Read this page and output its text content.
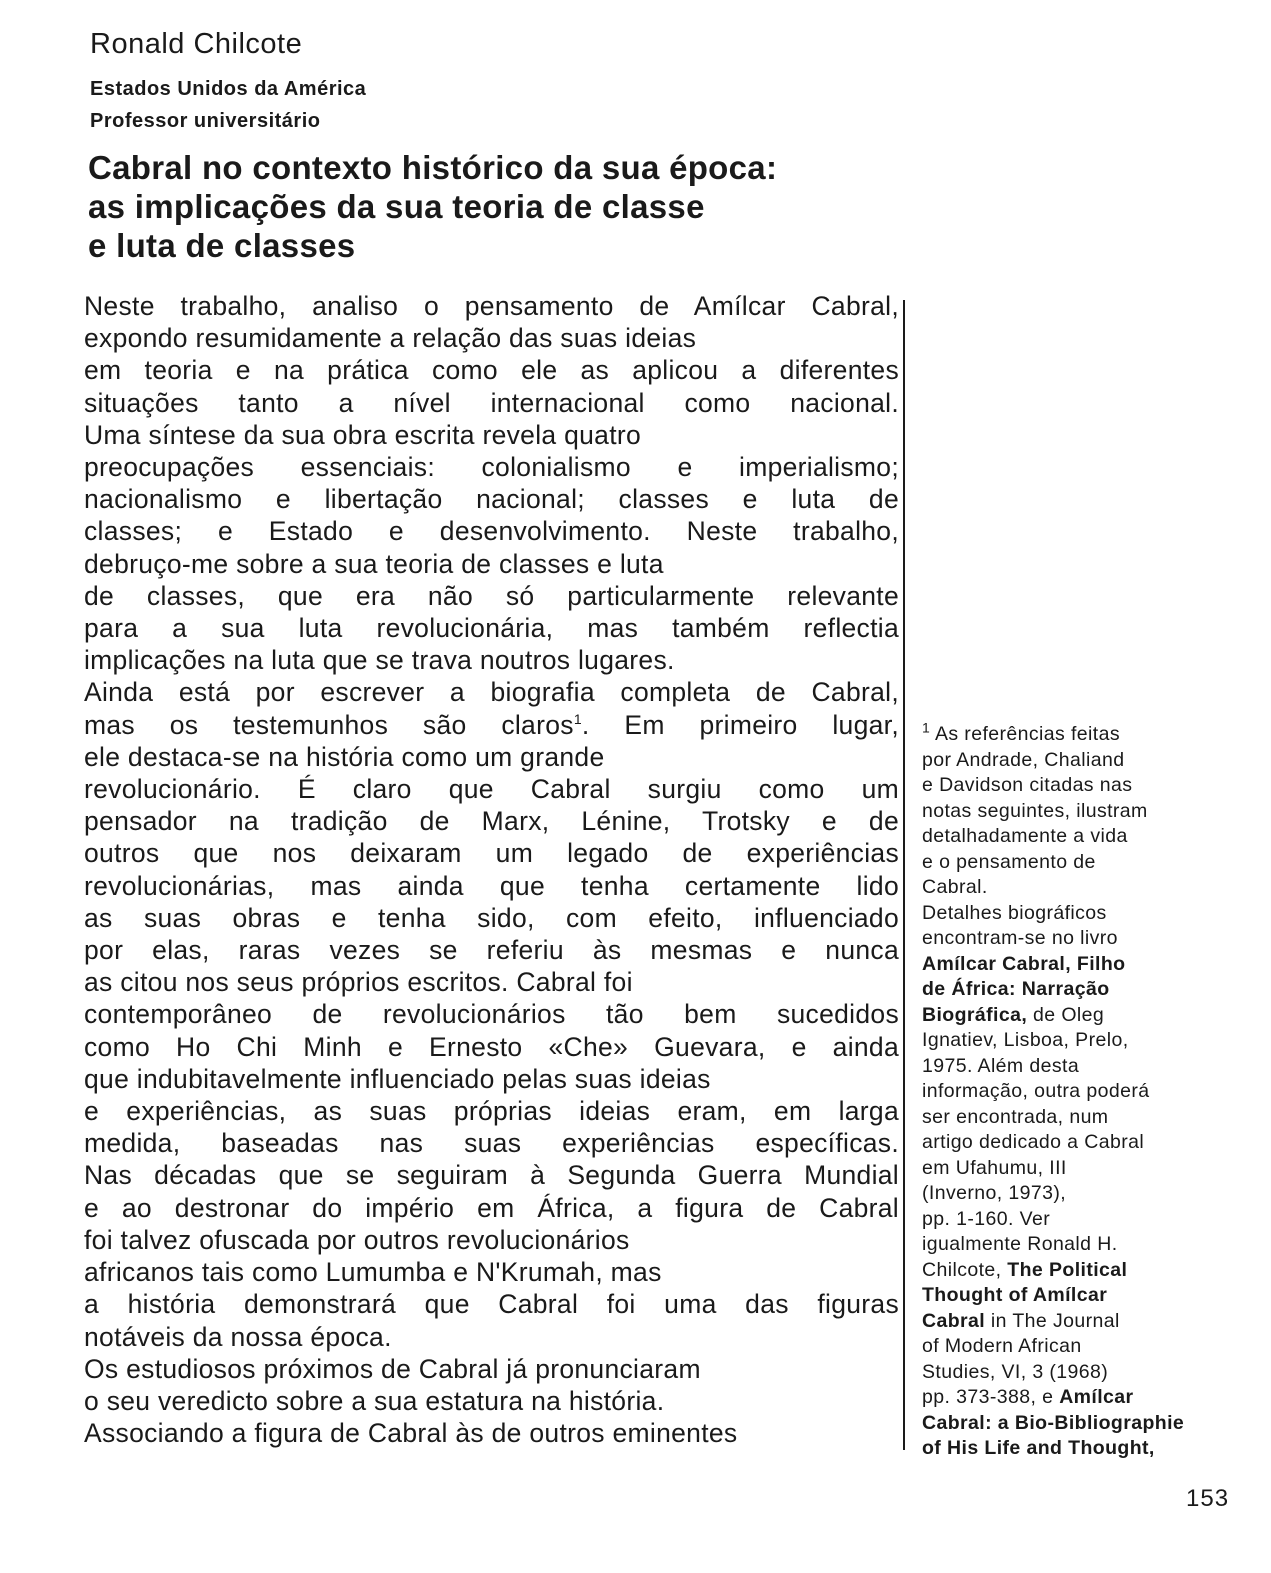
Ronald Chilcote
Estados Unidos da América
Professor universitário
Cabral no contexto histórico da sua época:
as implicações da sua teoria de classe
e luta de classes
Neste trabalho, analiso o pensamento de Amílcar Cabral,
expondo resumidamente a relação das suas ideias
em teoria e na prática como ele as aplicou a diferentes
situações tanto a nível internacional como nacional.
Uma síntese da sua obra escrita revela quatro
preocupações essenciais: colonialismo e imperialismo;
nacionalismo e libertação nacional; classes e luta de
classes; e Estado e desenvolvimento. Neste trabalho,
debruço-me sobre a sua teoria de classes e luta
de classes, que era não só particularmente relevante
para a sua luta revolucionária, mas também reflectia
implicações na luta que se trava noutros lugares.
Ainda está por escrever a biografia completa de Cabral,
mas os testemunhos são claros$^1$. Em primeiro lugar,
ele destaca-se na história como um grande
revolucionário. É claro que Cabral surgiu como um
pensador na tradição de Marx, Lénine, Trotsky e de
outros que nos deixaram um legado de experiências
revolucionárias, mas ainda que tenha certamente lido
as suas obras e tenha sido, com efeito, influenciado
por elas, raras vezes se referiu às mesmas e nunca
as citou nos seus próprios escritos. Cabral foi
contemporâneo de revolucionários tão bem sucedidos
como Ho Chi Minh e Ernesto «Che» Guevara, e ainda
que indubitavelmente influenciado pelas suas ideias
e experiências, as suas próprias ideias eram, em larga
medida, baseadas nas suas experiências específicas.
Nas décadas que se seguiram à Segunda Guerra Mundial
e ao destronar do império em África, a figura de Cabral
foi talvez ofuscada por outros revolucionários
africanos tais como Lumumba e N'Krumah, mas
a história demonstrará que Cabral foi uma das figuras
notáveis da nossa época.
Os estudiosos próximos de Cabral já pronunciaram
o seu veredicto sobre a sua estatura na história.
Associando a figura de Cabral às de outros eminentes
$^1$ As referências feitas
por Andrade, Chaliand
e Davidson citadas nas
notas seguintes, ilustram
detalhadamente a vida
e o pensamento de
Cabral.
Detalhes biográficos
encontram-se no livro
Amílcar Cabral, Filho
de África: Narração
Biográfica, de Oleg
Ignatiev, Lisboa, Prelo,
1975. Além desta
informação, outra poderá
ser encontrada, num
artigo dedicado a Cabral
em Ufahumu, III
(Inverno, 1973),
pp. 1-160. Ver
igualmente Ronald H.
Chilcote, The Political
Thought of Amílcar
Cabral in The Journal
of Modern African
Studies, VI, 3 (1968)
pp. 373-388, e Amílcar
Cabral: a Bio-Bibliographie
of His Life and Thought,
153
